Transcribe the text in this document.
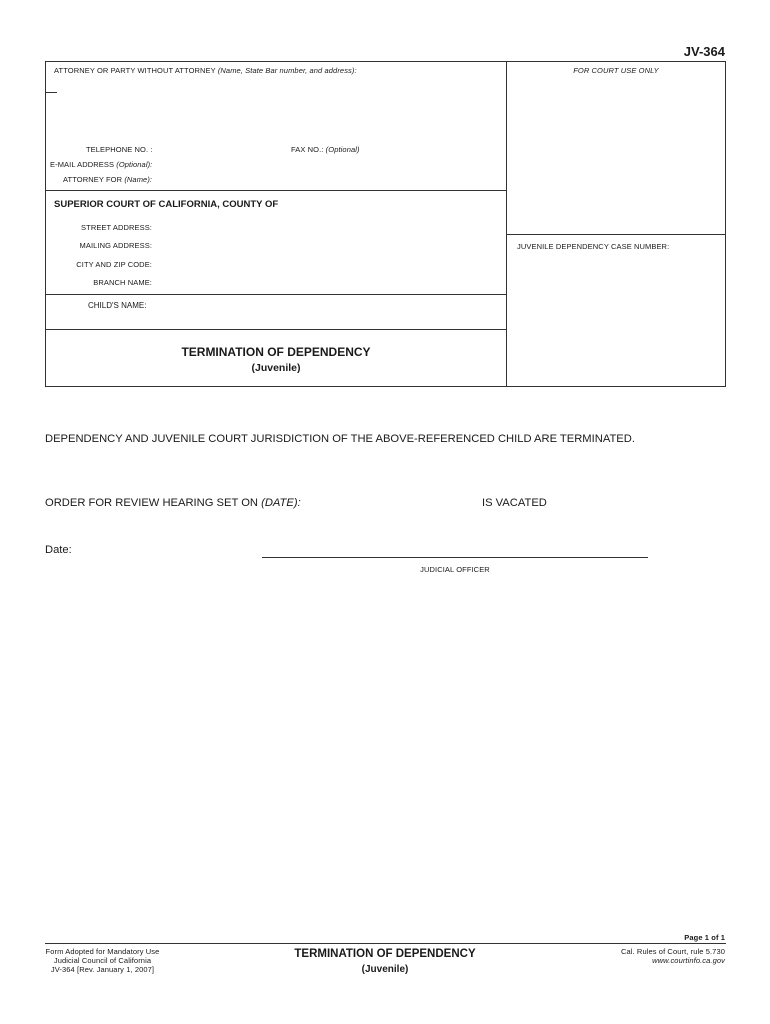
JV-364
ATTORNEY OR PARTY WITHOUT ATTORNEY (Name, State Bar number, and address):	FOR COURT USE ONLY
TELEPHONE NO. :	FAX NO.: (Optional)
E-MAIL ADDRESS (Optional):
ATTORNEY FOR (Name):
SUPERIOR COURT OF CALIFORNIA, COUNTY OF
STREET ADDRESS:
MAILING ADDRESS:
CITY AND ZIP CODE:
BRANCH NAME:
JUVENILE DEPENDENCY CASE NUMBER:
CHILD'S NAME:
TERMINATION OF DEPENDENCY
(Juvenile)
DEPENDENCY AND JUVENILE COURT JURISDICTION OF THE ABOVE-REFERENCED CHILD ARE TERMINATED.
ORDER FOR REVIEW HEARING SET ON (DATE):	IS VACATED
Date:
JUDICIAL OFFICER
Page 1 of 1
Form Adopted for Mandatory Use
Judicial Council of California
JV-364 [Rev. January 1, 2007]
TERMINATION OF DEPENDENCY
(Juvenile)
Cal. Rules of Court, rule 5.730
www.courtinfo.ca.gov
